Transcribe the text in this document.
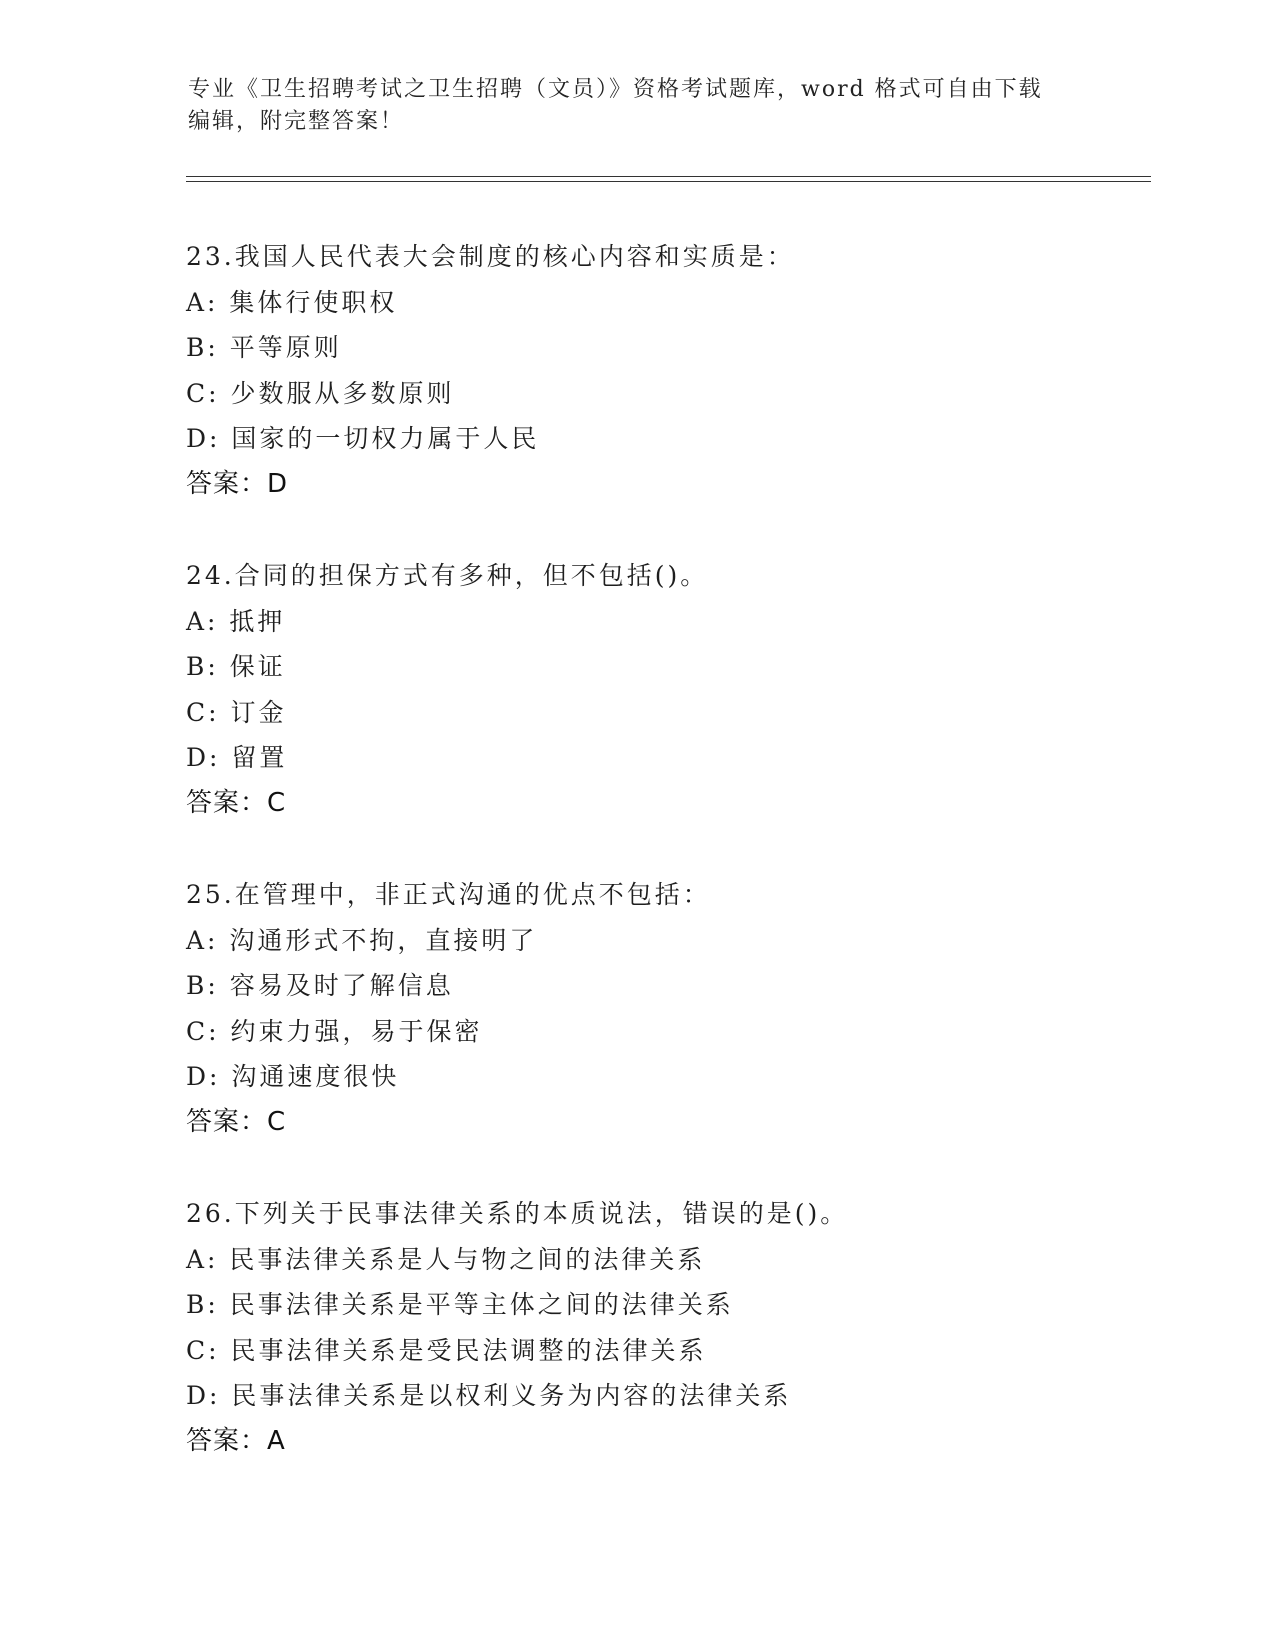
专业《卫生招聘考试之卫生招聘（文员）》资格考试题库，word 格式可自由下载
编辑，附完整答案！
23.我国人民代表大会制度的核心内容和实质是：
A: 集体行使职权
B: 平等原则
C: 少数服从多数原则
D: 国家的一切权力属于人民
答案：D
24.合同的担保方式有多种，但不包括()。
A: 抵押
B: 保证
C: 订金
D: 留置
答案：C
25.在管理中，非正式沟通的优点不包括：
A: 沟通形式不拘，直接明了
B: 容易及时了解信息
C: 约束力强，易于保密
D: 沟通速度很快
答案：C
26.下列关于民事法律关系的本质说法，错误的是()。
A: 民事法律关系是人与物之间的法律关系
B: 民事法律关系是平等主体之间的法律关系
C: 民事法律关系是受民法调整的法律关系
D: 民事法律关系是以权利义务为内容的法律关系
答案：A
